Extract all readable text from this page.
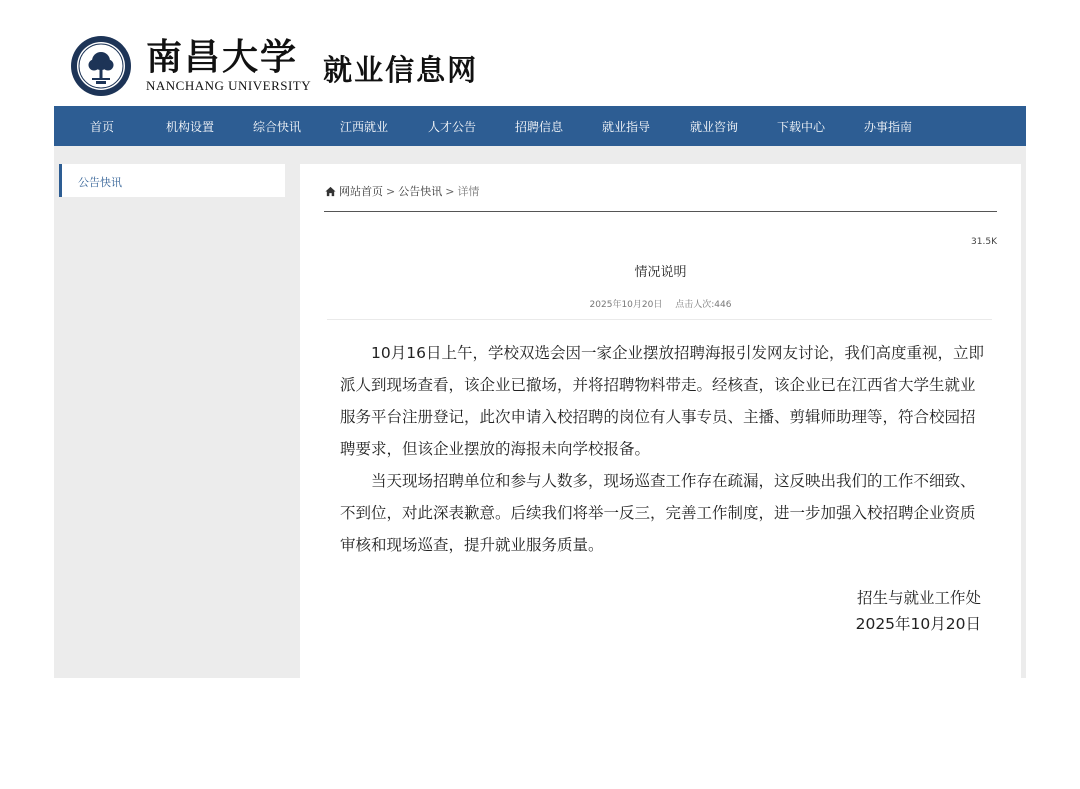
南昌大学
NANCHANG UNIVERSITY 就业信息网
首页	机构设置	综合快讯	江西就业	人才公告	招聘信息	就业指导	就业咨询	下载中心	办事指南
公告快讯
网站首页 > 公告快讯 > 详情
31.5K
情况说明
2025年10月20日 点击人次:446

10月16日上午，学校双选会因一家企业摆放招聘海报引发网友讨论，我们高度重视，立即派人到现场查看，该企业已撤场，并将招聘物料带走。经核查，该企业已在江西省大学生就业服务平台注册登记，此次申请入校招聘的岗位有人事专员、主播、剪辑师助理等，符合校园招聘要求，但该企业摆放的海报未向学校报备。

当天现场招聘单位和参与人数多，现场巡查工作存在疏漏，这反映出我们的工作不细致、不到位，对此深表歉意。后续我们将举一反三，完善工作制度，进一步加强入校招聘企业资质审核和现场巡查，提升就业服务质量。

招生与就业工作处
2025年10月20日
